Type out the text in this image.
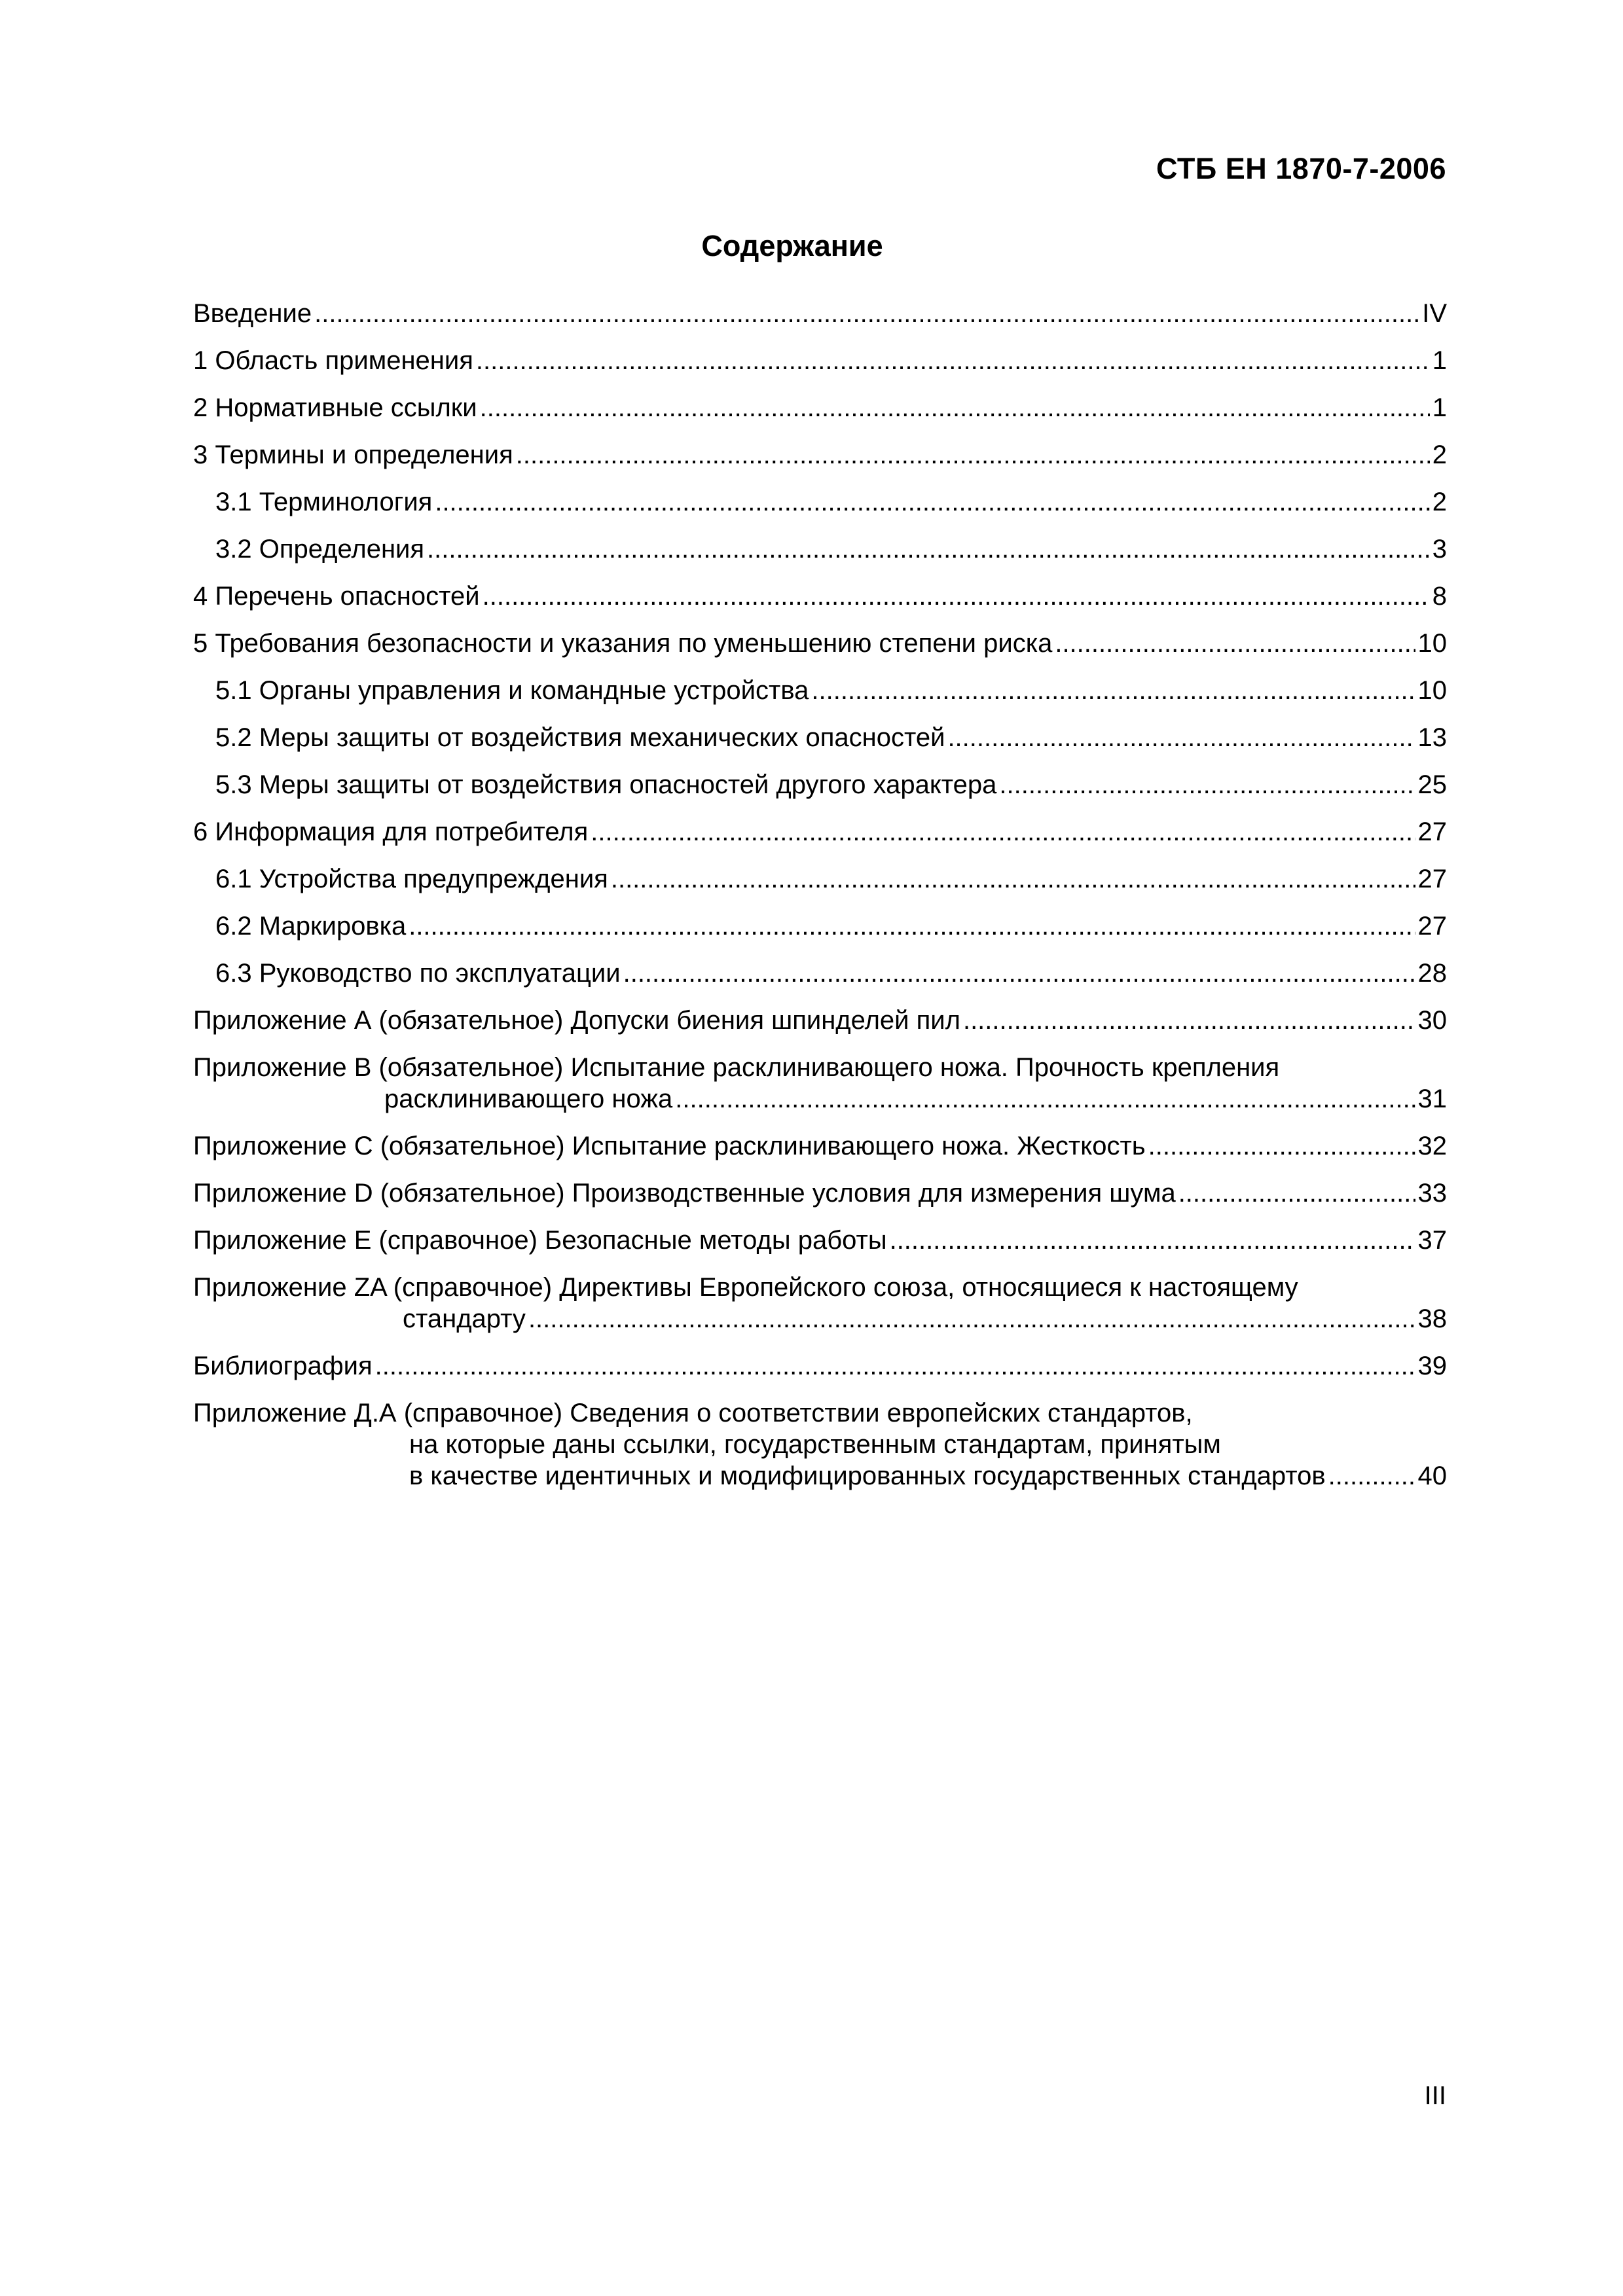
СТБ ЕН 1870-7-2006
Содержание
Введение .....	IV
1 Область применения .....	1
2 Нормативные ссылки .....	1
3 Термины и определения .....	2
3.1 Терминология .....	2
3.2 Определения .....	3
4 Перечень опасностей .....	8
5 Требования безопасности и указания по уменьшению степени риска .....	10
5.1 Органы управления и командные устройства .....	10
5.2 Меры защиты от воздействия механических опасностей .....	13
5.3 Меры защиты от воздействия опасностей другого характера .....	25
6 Информация для потребителя .....	27
6.1 Устройства предупреждения .....	27
6.2 Маркировка .....	27
6.3 Руководство по эксплуатации .....	28
Приложение А (обязательное) Допуски биения шпинделей пил .....	30
Приложение В (обязательное) Испытание расклинивающего ножа. Прочность крепления
расклинивающего ножа .....	31
Приложение С (обязательное) Испытание расклинивающего ножа. Жесткость .....	32
Приложение D (обязательное) Производственные условия для измерения шума .....	33
Приложение Е (справочное) Безопасные методы работы .....	37
Приложение ZA (справочное) Директивы Европейского союза, относящиеся к настоящему
стандарту .....	38
Библиография .....	39
Приложение Д.А (справочное) Сведения о соответствии европейских стандартов,
на которые даны ссылки, государственным стандартам, принятым
в качестве идентичных и модифицированных государственных стандартов .....	40
III
